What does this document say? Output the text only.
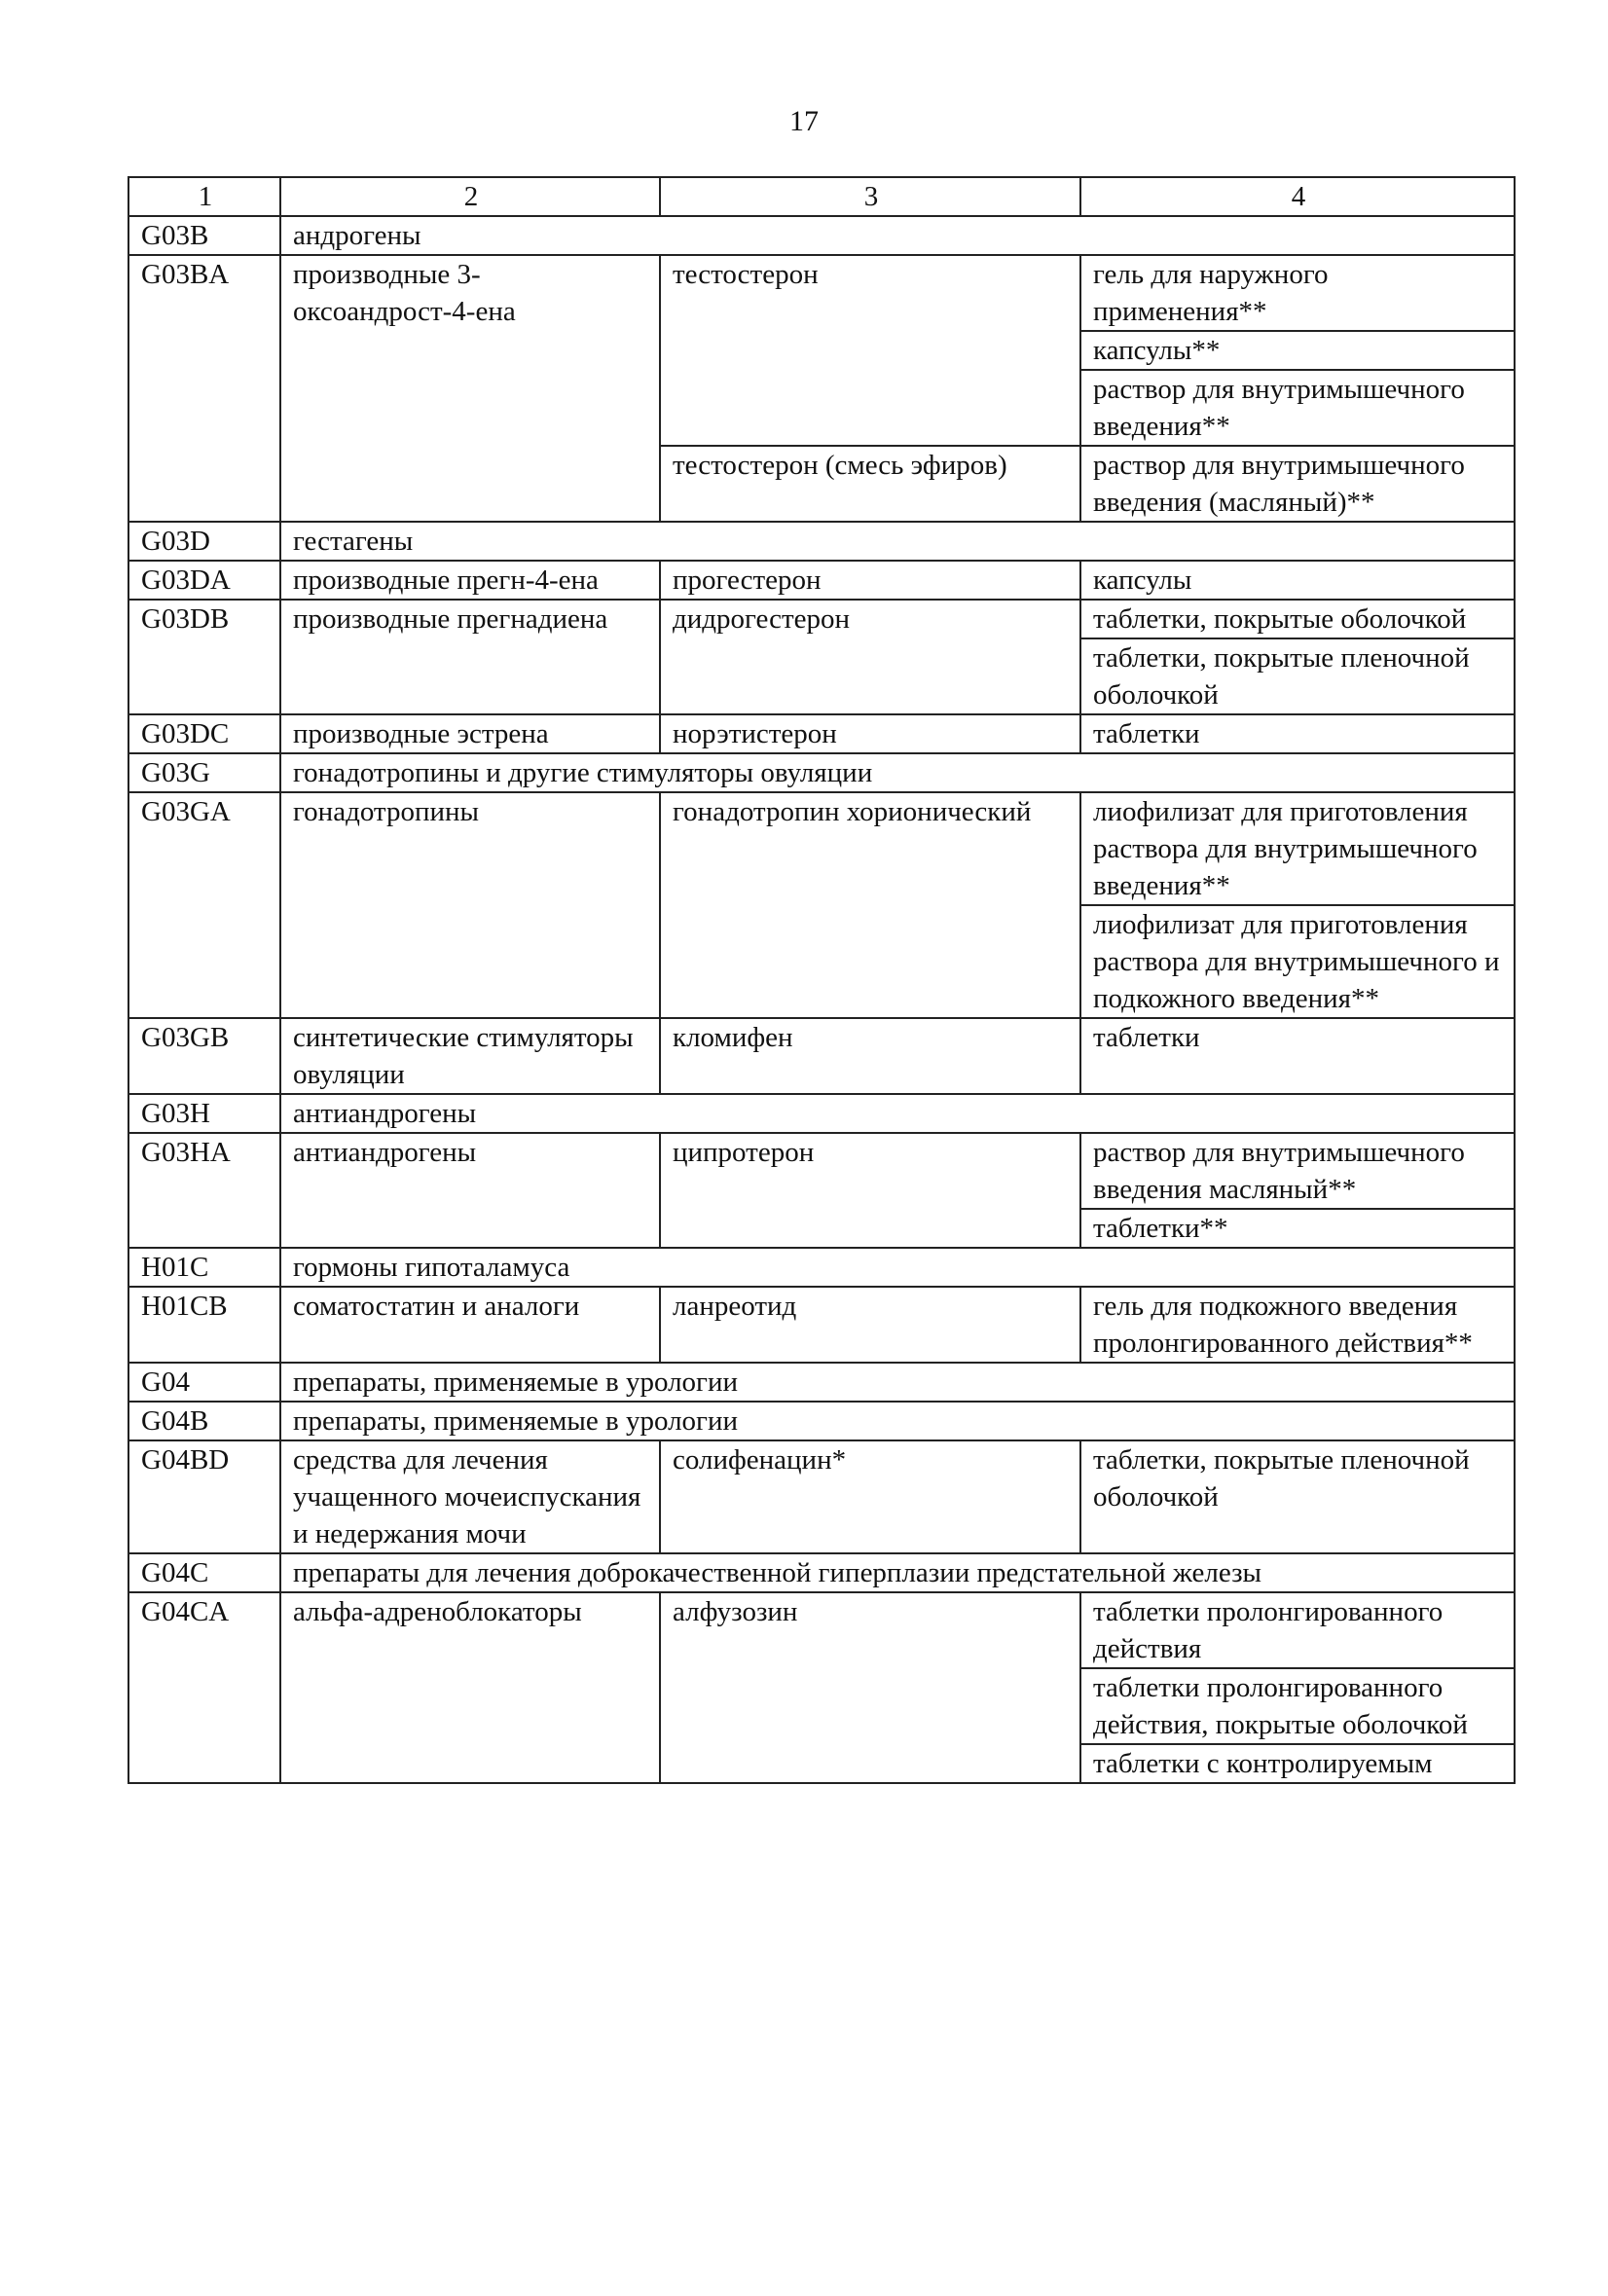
17
1	2	3	4
G03B	андрогены		
G03BA	производные 3-оксоандрост-4-ена	тестостерон	гель для наружного применения**
			капсулы**
			раствор для внутримышечного введения**
		тестостерон (смесь эфиров)	раствор для внутримышечного введения (масляный)**
G03D	гестагены		
G03DA	производные прегн-4-ена	прогестерон	капсулы
G03DB	производные прегнадиена	дидрогестерон	таблетки, покрытые оболочкой
			таблетки, покрытые пленочной оболочкой
G03DC	производные эстрена	норэтистерон	таблетки
G03G	гонадотропины и другие стимуляторы овуляции		
G03GA	гонадотропины	гонадотропин хорионический	лиофилизат для приготовления раствора для внутримышечного введения**
			лиофилизат для приготовления раствора для внутримышечного и подкожного введения**
G03GB	синтетические стимуляторы овуляции	кломифен	таблетки
G03H	антиандрогены		
G03HA	антиандрогены	ципротерон	раствор для внутримышечного введения масляный**
			таблетки**
H01C	гормоны гипоталамуса		
H01CB	соматостатин и аналоги	ланреотид	гель для подкожного введения пролонгированного действия**
G04	препараты, применяемые в урологии		
G04B	препараты, применяемые в урологии		
G04BD	средства для лечения учащенного мочеиспускания и недержания мочи	солифенацин*	таблетки, покрытые пленочной оболочкой
G04C	препараты для лечения доброкачественной гиперплазии предстательной железы		
G04CA	альфа-адреноблокаторы	алфузозин	таблетки пролонгированного действия
			таблетки пролонгированного действия, покрытые оболочкой
			таблетки с контролируемым
